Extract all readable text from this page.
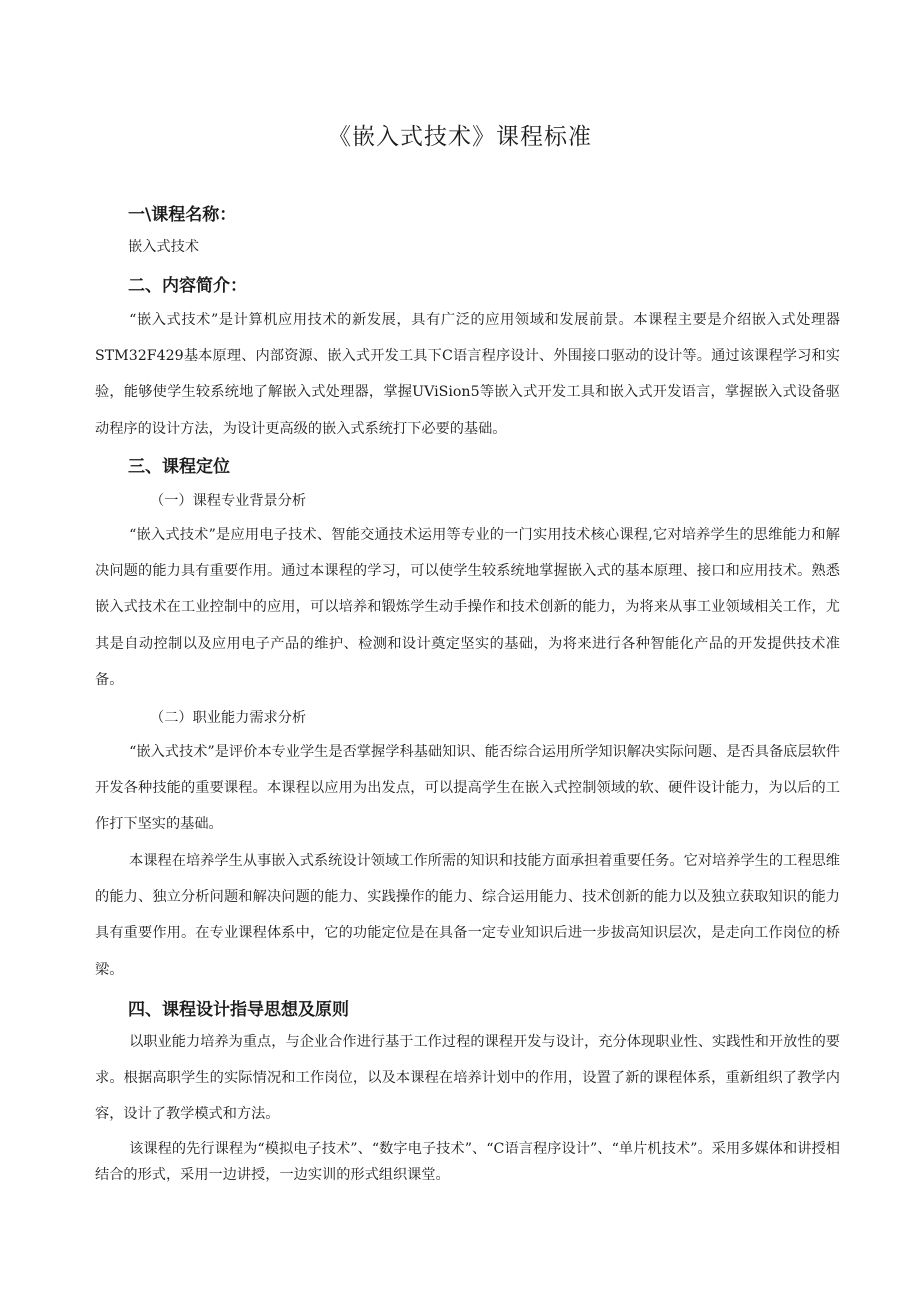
《嵌入式技术》课程标准
一\课程名称：
嵌入式技术
二、内容简介：

“嵌入式技术”是计算机应用技术的新发展，具有广泛的应用领域和发展前景。本课程主要是介绍嵌入式处理器STM32F429基本原理、内部资源、嵌入式开发工具下C语言程序设计、外围接口驱动的设计等。通过该课程学习和实验，能够使学生较系统地了解嵌入式处理器，掌握UViSion5等嵌入式开发工具和嵌入式开发语言，掌握嵌入式设备驱动程序的设计方法，为设计更高级的嵌入式系统打下必要的基础。

三、课程定位
（一）课程专业背景分析

“嵌入式技术”是应用电子技术、智能交通技术运用等专业的一门实用技术核心课程,它对培养学生的思维能力和解决问题的能力具有重要作用。通过本课程的学习，可以使学生较系统地掌握嵌入式的基本原理、接口和应用技术。熟悉嵌入式技术在工业控制中的应用，可以培养和锻炼学生动手操作和技术创新的能力，为将来从事工业领域相关工作，尤其是自动控制以及应用电子产品的维护、检测和设计奠定坚实的基础，为将来进行各种智能化产品的开发提供技术准备。

（二）职业能力需求分析

“嵌入式技术”是评价本专业学生是否掌握学科基础知识、能否综合运用所学知识解决实际问题、是否具备底层软件开发各种技能的重要课程。本课程以应用为出发点，可以提高学生在嵌入式控制领域的软、硬件设计能力，为以后的工作打下坚实的基础。

本课程在培养学生从事嵌入式系统设计领域工作所需的知识和技能方面承担着重要任务。它对培养学生的工程思维的能力、独立分析问题和解决问题的能力、实践操作的能力、综合运用能力、技术创新的能力以及独立获取知识的能力具有重要作用。在专业课程体系中，它的功能定位是在具备一定专业知识后进一步拔高知识层次，是走向工作岗位的桥梁。

四、课程设计指导思想及原则

以职业能力培养为重点，与企业合作进行基于工作过程的课程开发与设计，充分体现职业性、实践性和开放性的要求。根据高职学生的实际情况和工作岗位，以及本课程在培养计划中的作用，设置了新的课程体系，重新组织了教学内容，设计了教学模式和方法。

该课程的先行课程为“模拟电子技术”、“数字电子技术”、“C语言程序设计”、“单片机技术”。采用多媒体和讲授相结合的形式，采用一边讲授，一边实训的形式组织课堂。
